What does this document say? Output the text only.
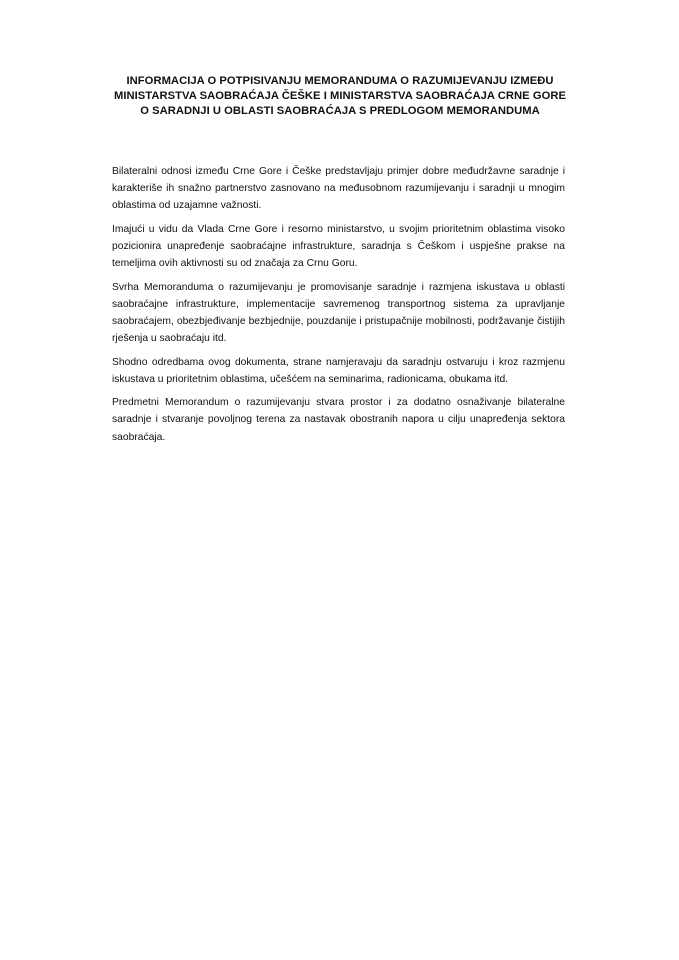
INFORMACIJA O POTPISIVANJU MEMORANDUMA O RAZUMIJEVANJU IZMEĐU
MINISTARSTVA SAOBRAĆAJA ČEŠKE I MINISTARSTVA SAOBRAĆAJA CRNE GORE
O SARADNJI U OBLASTI SAOBRAĆAJA S PREDLOGOM MEMORANDUMA

Bilateralni odnosi između Crne Gore i Češke predstavljaju primjer dobre međudržavne saradnje i karakteriše ih snažno partnerstvo zasnovano na međusobnom razumijevanju i saradnji u mnogim oblastima od uzajamne važnosti.

Imajući u vidu da Vlada Crne Gore i resorno ministarstvo, u svojim prioritetnim oblastima visoko pozicionira unapređenje saobraćajne infrastrukture, saradnja s Češkom i uspješne prakse na temeljima ovih aktivnosti su od značaja za Crnu Goru.

Svrha Memoranduma o razumijevanju je promovisanje saradnje i razmjena iskustava u oblasti saobraćajne infrastrukture, implementacije savremenog transportnog sistema za upravljanje saobraćajem, obezbjeđivanje bezbjednije, pouzdanije i pristupačnije mobilnosti, podržavanje čistijih rješenja u saobraćaju itd.

Shodno odredbama ovog dokumenta, strane namjeravaju da saradnju ostvaruju i kroz razmjenu iskustava u prioritetnim oblastima, učešćem na seminarima, radionicama, obukama itd.

Predmetni Memorandum o razumijevanju stvara prostor i za dodatno osnaživanje bilateralne saradnje i stvaranje povoljnog terena za nastavak obostranih napora u cilju unapređenja sektora saobraćaja.
